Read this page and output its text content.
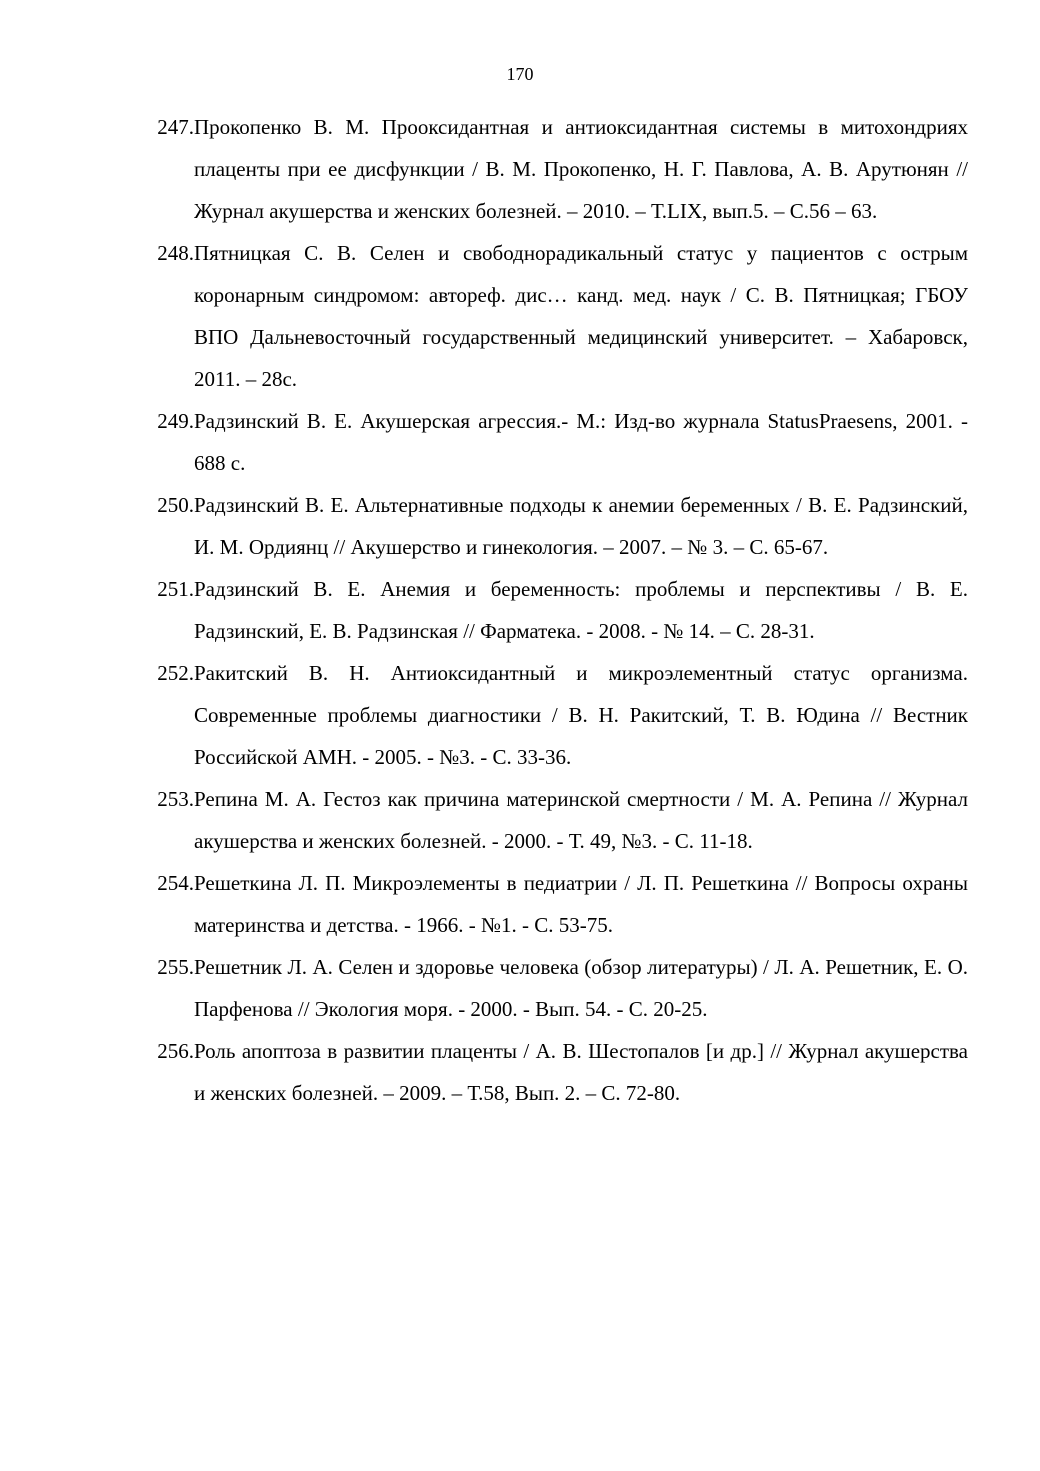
170
247. Прокопенко В. М. Прооксидантная и антиоксидантная системы в митохондриях плаценты при ее дисфункции / В. М. Прокопенко, Н. Г. Павлова, А. В. Арутюнян // Журнал акушерства и женских болезней. – 2010. – Т.LIX, вып.5. – С.56 – 63.
248. Пятницкая С. В. Селен и свободнорадикальный статус у пациентов с острым коронарным синдромом: автореф. дис… канд. мед. наук / С. В. Пятницкая; ГБОУ ВПО Дальневосточный государственный медицинский университет. – Хабаровск, 2011. – 28с.
249. Радзинский В. Е. Акушерская агрессия.- М.: Изд-во журнала StatusPraesens, 2001. - 688 с.
250. Радзинский В. Е. Альтернативные подходы к анемии беременных / В. Е. Радзинский, И. М. Ордиянц // Акушерство и гинекология. – 2007. – № 3. – С. 65-67.
251. Радзинский В. Е. Анемия и беременность: проблемы и перспективы / В. Е. Радзинский, Е. В. Радзинская // Фарматека. - 2008. - № 14. – С. 28-31.
252. Ракитский В. Н. Антиоксидантный и микроэлементный статус организма. Современные проблемы диагностики / В. Н. Ракитский, Т. В. Юдина // Вестник Российской АМН. - 2005. - №3. - С. 33-36.
253. Репина М. А. Гестоз как причина материнской смертности / М. А. Репина // Журнал акушерства и женских болезней. - 2000. - Т. 49, №3. - С. 11-18.
254. Решеткина Л. П. Микроэлементы в педиатрии / Л. П. Решеткина // Вопросы охраны материнства и детства. - 1966. - №1. - С. 53-75.
255. Решетник Л. А. Селен и здоровье человека (обзор литературы) / Л. А. Решетник, Е. О. Парфенова // Экология моря. - 2000. - Вып. 54. - С. 20-25.
256. Роль апоптоза в развитии плаценты / А. В. Шестопалов [и др.] // Журнал акушерства и женских болезней. – 2009. – Т.58, Вып. 2. – С. 72-80.
